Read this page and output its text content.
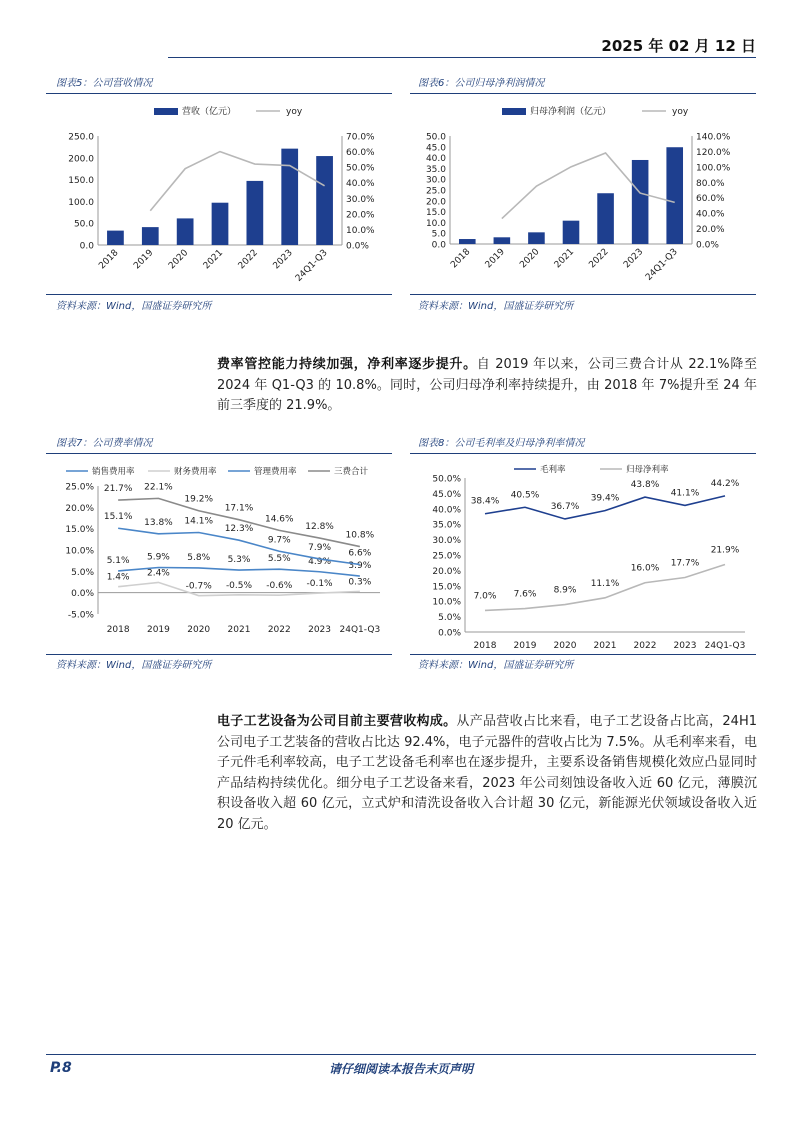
2025 年 02 月 12 日
图表5：公司营收情况
0.0
50.0
100.0
150.0
200.0
250.0
0.0%
10.0%
20.0%
30.0%
40.0%
50.0%
60.0%
70.0%
2018 2019 2020 2021 2022 2023 24Q1-Q3
营收（亿元）	yoy
资料来源：Wind，国盛证券研究所
图表6：公司归母净利润情况
0.0
5.0
10.0
15.0
20.0
25.0
30.0
35.0
40.0
45.0
50.0
0.0%
20.0%
40.0%
60.0%
80.0%
100.0%
120.0%
140.0%
2018 2019 2020 2021 2022 2023
24Q1-Q3
归母净利润（亿元）	yoy
资料来源：Wind，国盛证券研究所
费率管控能力持续加强，净利率逐步提升。自 2019 年以来，公司三费合计从 22.1%降至 2024 年 Q1-Q3 的 10.8%。同时，公司归母净利率持续提升，由 2018 年 7%提升至 24 年前三季度的 21.9%。
图表7：公司费率情况
-5.0%
0.0%
5.0%
10.0%
15.0%
20.0%
25.0%
2018 2019 2020 2021 2022 2023 24Q1-Q3
5.1% 5.9% 5.8% 5.3% 5.5% 4.9% 3.9%
1.4% 2.4%
-0.7% -0.5% -0.6% -0.1% 0.3%
15.1%
13.8% 14.1%
12.3%
9.7%
7.9%
6.6%
21.7% 22.1%
19.2%
17.1%
14.6%
12.8%
10.8%
销售费用率	财务费用率	管理费用率	三费合计
资料来源：Wind，国盛证券研究所
图表8：公司毛利率及归母净利率情况
0.0%
5.0%
10.0%
15.0%
20.0%
25.0%
30.0%
35.0%
40.0%
45.0%
50.0%
2018 2019 2020 2021 2022 2023 24Q1-Q3
38.4%
40.5%
36.7%
39.4%
43.8%
41.1%
44.2%
7.0% 7.6% 8.9%
11.1%
16.0%
17.7%
21.9%
毛利率	归母净利率
资料来源：Wind，国盛证券研究所
电子工艺设备为公司目前主要营收构成。从产品营收占比来看，电子工艺设备占比高，24H1 公司电子工艺装备的营收占比达 92.4%，电子元器件的营收占比为 7.5%。从毛利率来看，电子元件毛利率较高，电子工艺设备毛利率也在逐步提升，主要系设备销售规模化效应凸显同时产品结构持续优化。细分电子工艺设备来看，2023 年公司刻蚀设备收入近 60 亿元，薄膜沉积设备收入超 60 亿元，立式炉和清洗设备收入合计超 30 亿元，新能源光伏领域设备收入近 20 亿元。
P.8	请仔细阅读本报告末页声明
